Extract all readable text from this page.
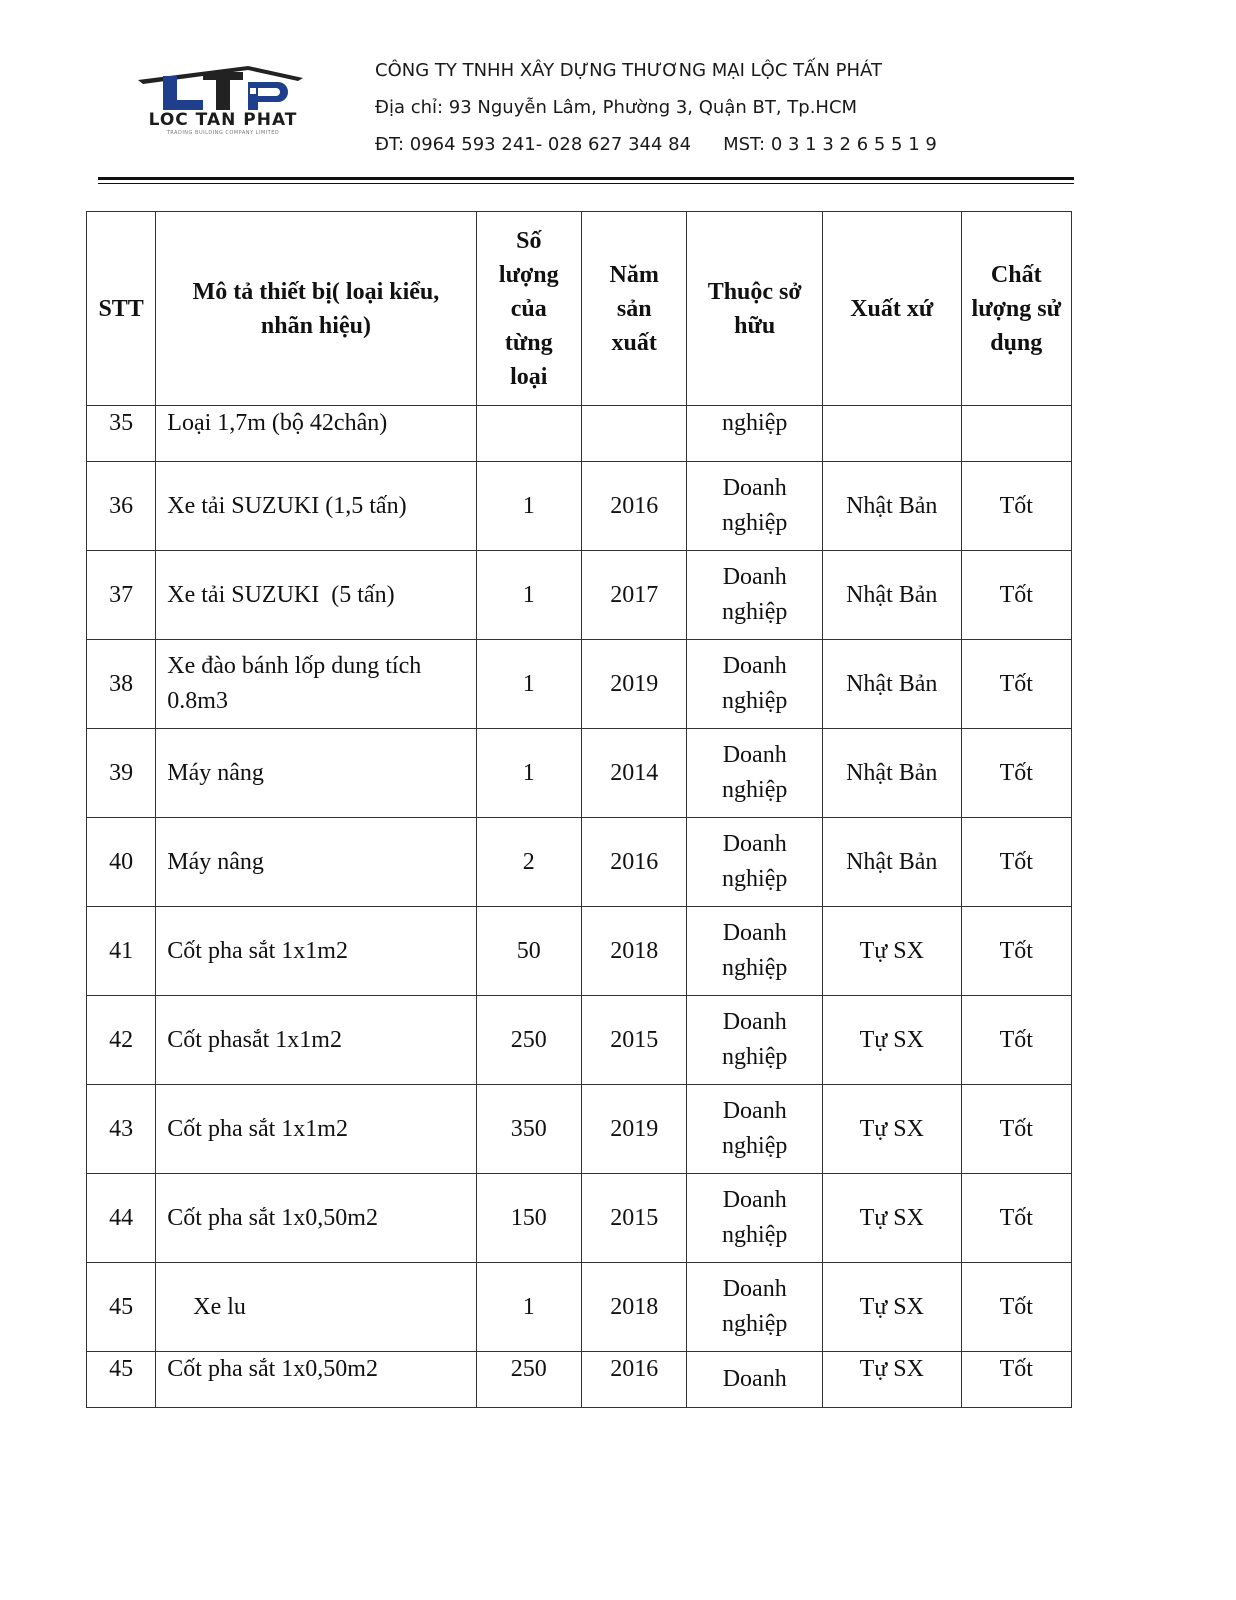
LOC TAN PHAT
TRADING BUILDING COMPANY LIMITED
CÔNG TY TNHH XÂY DỰNG THƯƠNG MẠI LỘC TẤN PHÁT
Địa chỉ: 93 Nguyễn Lâm, Phường 3, Quận BT, Tp.HCM
ĐT: 0964 593 241- 028 627 344 84 MST: 0 3 1 3 2 6 5 5 1 9
STT	Mô tả thiết bị( loại kiểu, nhãn hiệu)	Số lượng của từng loại	Năm sản xuất	Thuộc sở hữu	Xuất xứ	Chất lượng sử dụng
35	Loại 1,7m (bộ 42chân)			nghiệp		
36	Xe tải SUZUKI (1,5 tấn)	1	2016	Doanh nghiệp	Nhật Bản	Tốt
37	Xe tải SUZUKI  (5 tấn)	1	2017	Doanh nghiệp	Nhật Bản	Tốt
38	Xe đào bánh lốp dung tích 0.8m3	1	2019	Doanh nghiệp	Nhật Bản	Tốt
39	Máy nâng	1	2014	Doanh nghiệp	Nhật Bản	Tốt
40	Máy nâng	2	2016	Doanh nghiệp	Nhật Bản	Tốt
41	Cốt pha sắt 1x1m2	50	2018	Doanh nghiệp	Tự SX	Tốt
42	Cốt phasắt 1x1m2	250	2015	Doanh nghiệp	Tự SX	Tốt
43	Cốt pha sắt 1x1m2	350	2019	Doanh nghiệp	Tự SX	Tốt
44	Cốt pha sắt 1x0,50m2	150	2015	Doanh nghiệp	Tự SX	Tốt
45	Xe lu	1	2018	Doanh nghiệp	Tự SX	Tốt
45	Cốt pha sắt 1x0,50m2	250	2016	Doanh	Tự SX	Tốt
